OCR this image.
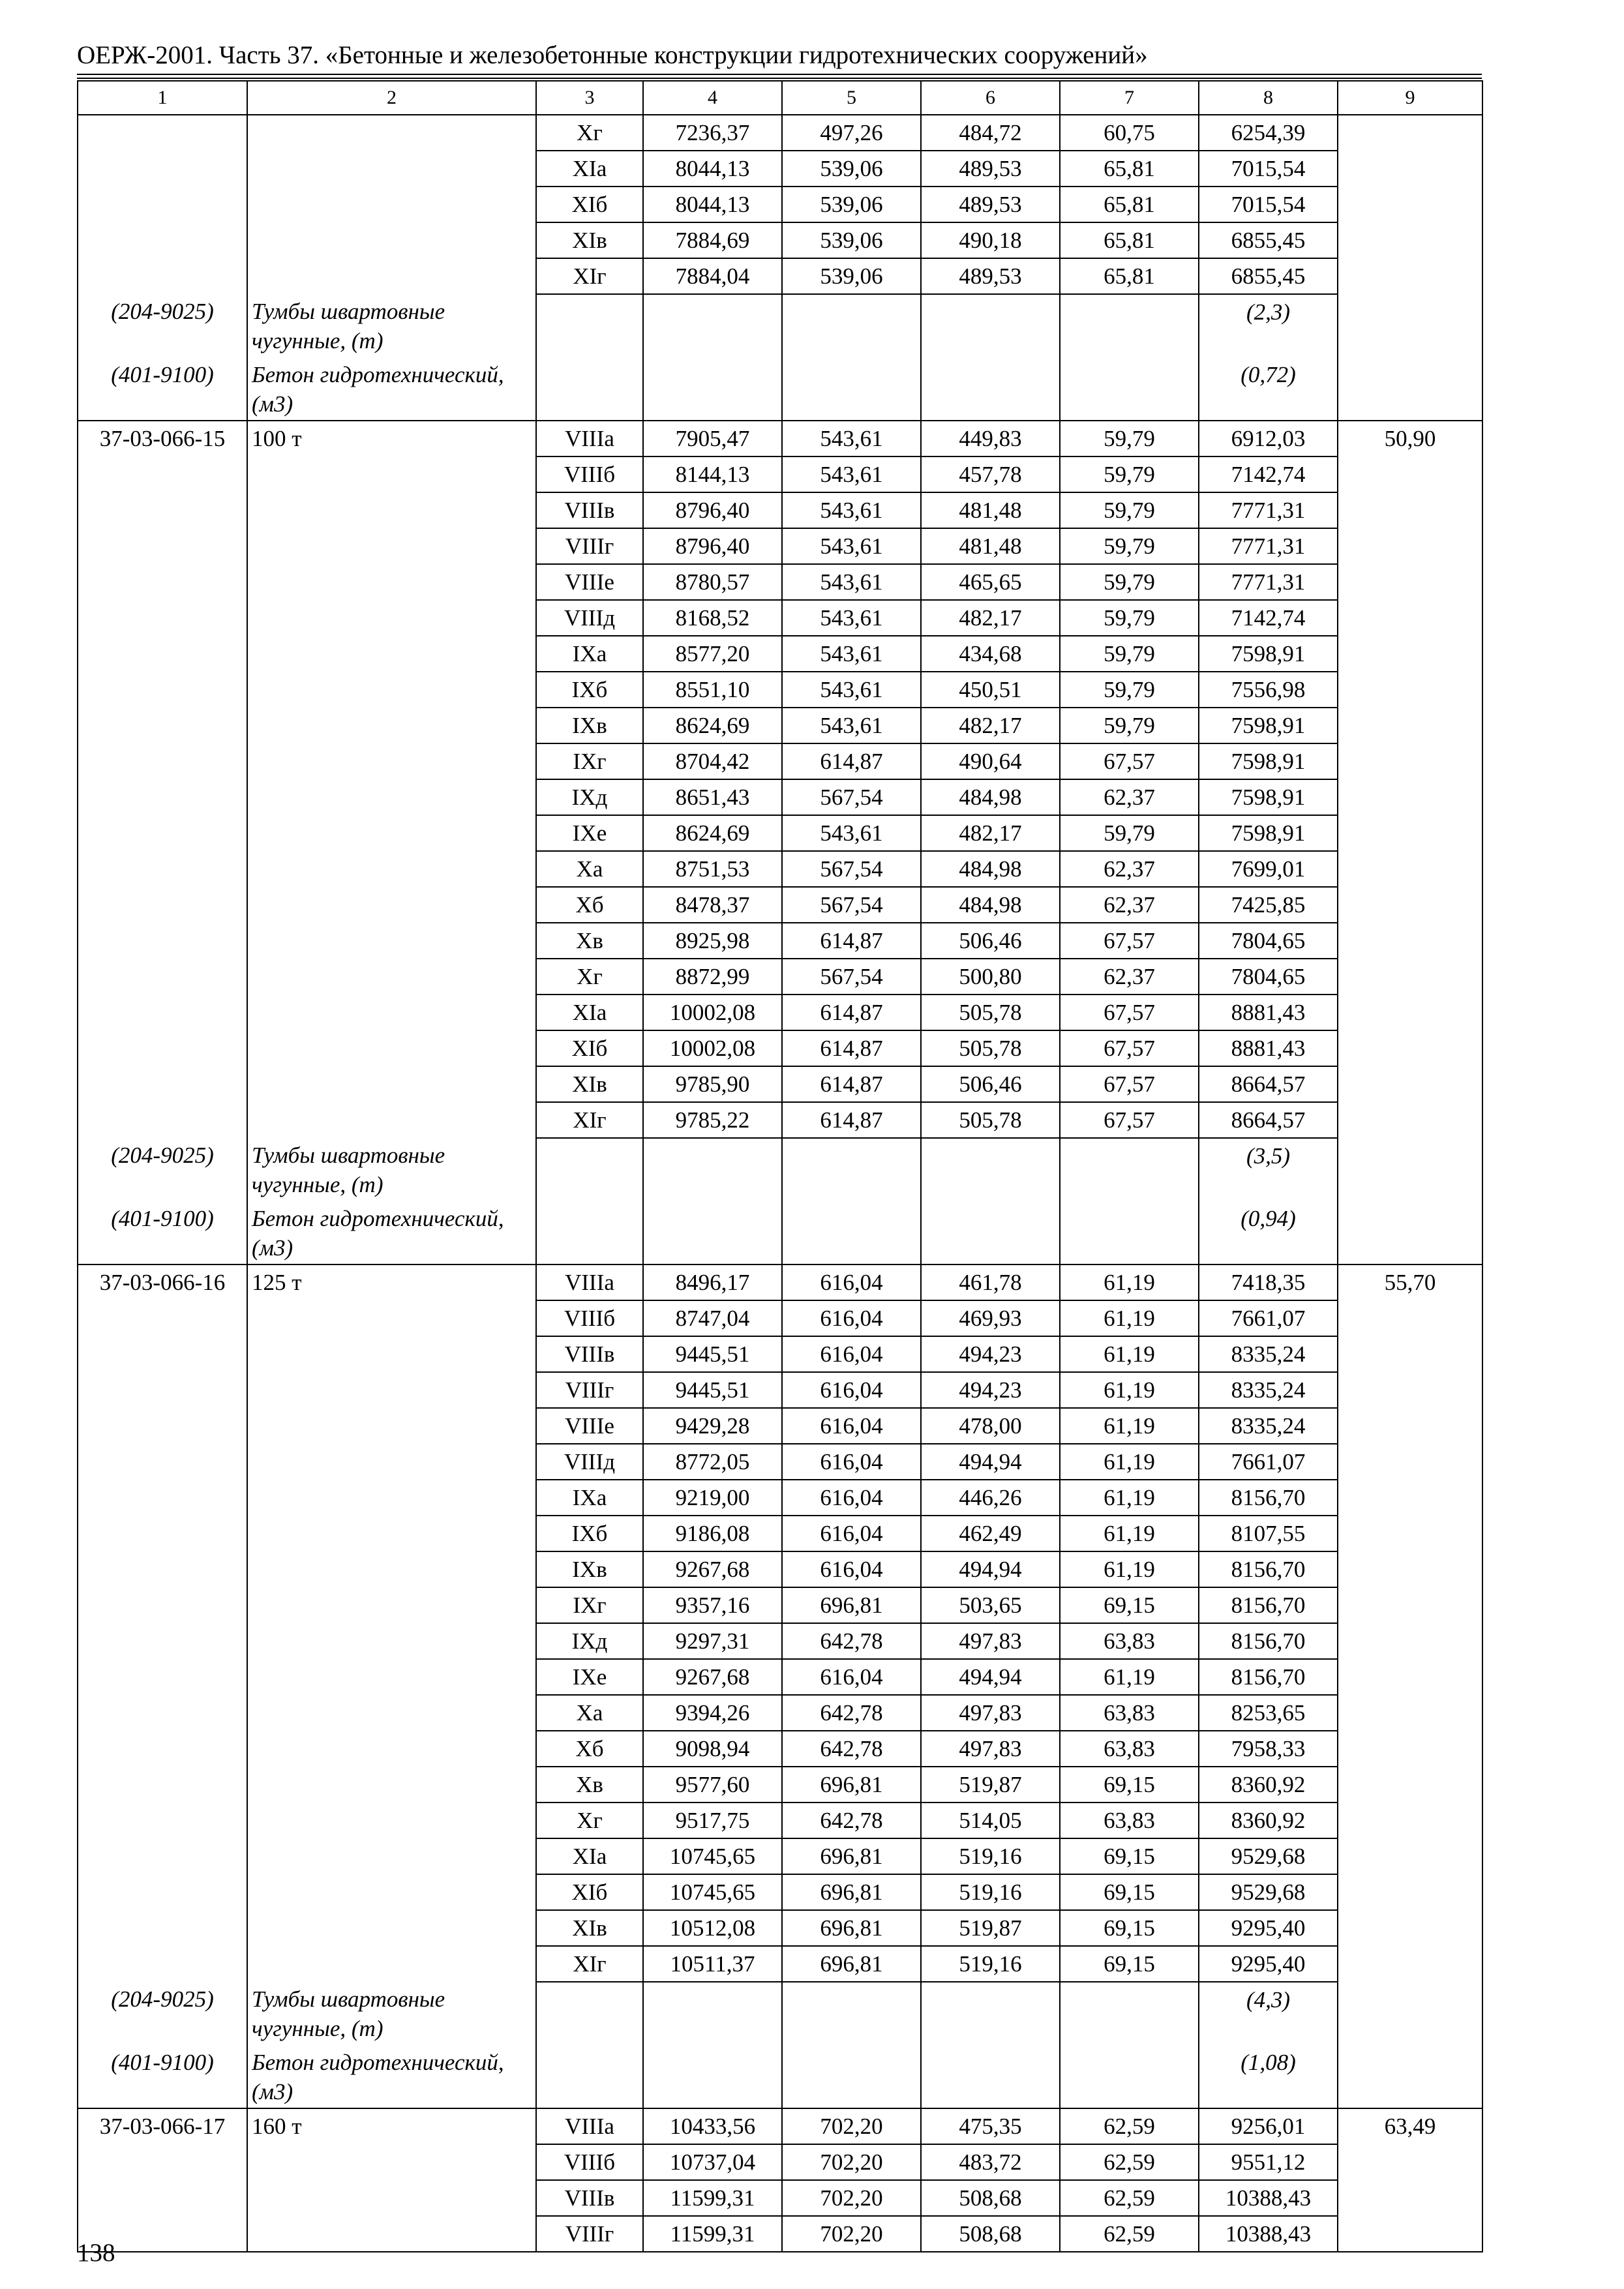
ОЕРЖ-2001. Часть 37. «Бетонные и железобетонные конструкции гидротехнических сооружений»
1	2	3	4	5	6	7	8	9
		Xг	7236,37	497,26	484,72	60,75	6254,39	
		XIа	8044,13	539,06	489,53	65,81	7015,54	
		XIб	8044,13	539,06	489,53	65,81	7015,54	
		XIв	7884,69	539,06	490,18	65,81	6855,45	
		XIг	7884,04	539,06	489,53	65,81	6855,45	
(204-9025)	Тумбы швартовные чугунные, (т)						(2,3)	
(401-9100)	Бетон гидротехнический, (м3)						(0,72)	
37-03-066-15	100 т	VIIIа	7905,47	543,61	449,83	59,79	6912,03	50,90
		VIIIб	8144,13	543,61	457,78	59,79	7142,74	
		VIIIв	8796,40	543,61	481,48	59,79	7771,31	
		VIIIг	8796,40	543,61	481,48	59,79	7771,31	
		VIIIе	8780,57	543,61	465,65	59,79	7771,31	
		VIIIд	8168,52	543,61	482,17	59,79	7142,74	
		IXа	8577,20	543,61	434,68	59,79	7598,91	
		IXб	8551,10	543,61	450,51	59,79	7556,98	
		IXв	8624,69	543,61	482,17	59,79	7598,91	
		IXг	8704,42	614,87	490,64	67,57	7598,91	
		IXд	8651,43	567,54	484,98	62,37	7598,91	
		IXе	8624,69	543,61	482,17	59,79	7598,91	
		Xа	8751,53	567,54	484,98	62,37	7699,01	
		Xб	8478,37	567,54	484,98	62,37	7425,85	
		Xв	8925,98	614,87	506,46	67,57	7804,65	
		Xг	8872,99	567,54	500,80	62,37	7804,65	
		XIа	10002,08	614,87	505,78	67,57	8881,43	
		XIб	10002,08	614,87	505,78	67,57	8881,43	
		XIв	9785,90	614,87	506,46	67,57	8664,57	
		XIг	9785,22	614,87	505,78	67,57	8664,57	
(204-9025)	Тумбы швартовные чугунные, (т)						(3,5)	
(401-9100)	Бетон гидротехнический, (м3)						(0,94)	
37-03-066-16	125 т	VIIIа	8496,17	616,04	461,78	61,19	7418,35	55,70
		VIIIб	8747,04	616,04	469,93	61,19	7661,07	
		VIIIв	9445,51	616,04	494,23	61,19	8335,24	
		VIIIг	9445,51	616,04	494,23	61,19	8335,24	
		VIIIе	9429,28	616,04	478,00	61,19	8335,24	
		VIIIд	8772,05	616,04	494,94	61,19	7661,07	
		IXа	9219,00	616,04	446,26	61,19	8156,70	
		IXб	9186,08	616,04	462,49	61,19	8107,55	
		IXв	9267,68	616,04	494,94	61,19	8156,70	
		IXг	9357,16	696,81	503,65	69,15	8156,70	
		IXд	9297,31	642,78	497,83	63,83	8156,70	
		IXе	9267,68	616,04	494,94	61,19	8156,70	
		Xа	9394,26	642,78	497,83	63,83	8253,65	
		Xб	9098,94	642,78	497,83	63,83	7958,33	
		Xв	9577,60	696,81	519,87	69,15	8360,92	
		Xг	9517,75	642,78	514,05	63,83	8360,92	
		XIа	10745,65	696,81	519,16	69,15	9529,68	
		XIб	10745,65	696,81	519,16	69,15	9529,68	
		XIв	10512,08	696,81	519,87	69,15	9295,40	
		XIг	10511,37	696,81	519,16	69,15	9295,40	
(204-9025)	Тумбы швартовные чугунные, (т)						(4,3)	
(401-9100)	Бетон гидротехнический, (м3)						(1,08)	
37-03-066-17	160 т	VIIIа	10433,56	702,20	475,35	62,59	9256,01	63,49
		VIIIб	10737,04	702,20	483,72	62,59	9551,12	
		VIIIв	11599,31	702,20	508,68	62,59	10388,43	
		VIIIг	11599,31	702,20	508,68	62,59	10388,43	
138
